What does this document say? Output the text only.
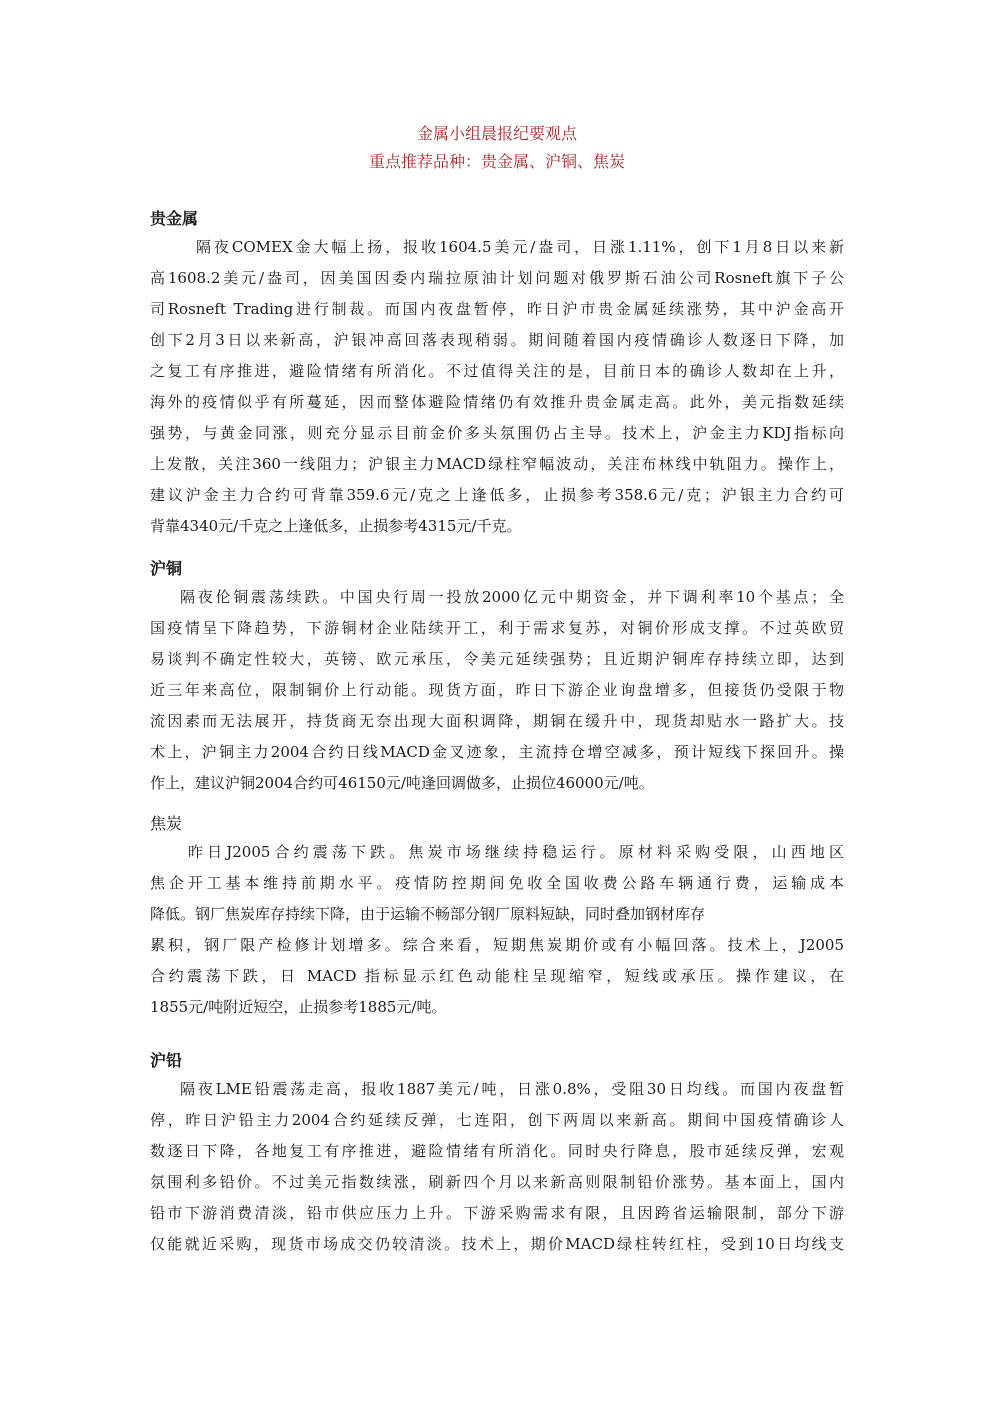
金属小组晨报纪要观点
重点推荐品种：贵金属、沪铜、焦炭
贵金属
隔夜COMEX金大幅上扬，报收1604.5美元/盎司，日涨1.11%，创下1月8日以来新
高1608.2美元/盎司，因美国因委内瑞拉原油计划问题对俄罗斯石油公司Rosneft旗下子公
司Rosneft Trading进行制裁。而国内夜盘暂停，昨日沪市贵金属延续涨势，其中沪金高开
创下2月3日以来新高，沪银冲高回落表现稍弱。期间随着国内疫情确诊人数逐日下降，加
之复工有序推进，避险情绪有所消化。不过值得关注的是，目前日本的确诊人数却在上升，
海外的疫情似乎有所蔓延，因而整体避险情绪仍有效推升贵金属走高。此外，美元指数延续
强势，与黄金同涨，则充分显示目前金价多头氛围仍占主导。技术上，沪金主力KDJ指标向
上发散，关注360一线阻力；沪银主力MACD绿柱窄幅波动，关注布林线中轨阻力。操作上，
建议沪金主力合约可背靠359.6元/克之上逢低多，止损参考358.6元/克；沪银主力合约可
背靠4340元/千克之上逢低多，止损参考4315元/千克。
沪铜
隔夜伦铜震荡续跌。中国央行周一投放2000亿元中期资金，并下调利率10个基点；全
国疫情呈下降趋势，下游铜材企业陆续开工，利于需求复苏，对铜价形成支撑。不过英欧贸
易谈判不确定性较大，英镑、欧元承压，令美元延续强势；且近期沪铜库存持续立即，达到
近三年来高位，限制铜价上行动能。现货方面，昨日下游企业询盘增多，但接货仍受限于物
流因素而无法展开，持货商无奈出现大面积调降，期铜在缓升中，现货却贴水一路扩大。技
术上，沪铜主力2004合约日线MACD金叉迹象，主流持仓增空减多，预计短线下探回升。操
作上，建议沪铜2004合约可46150元/吨逢回调做多，止损位46000元/吨。
焦炭
昨日J2005合约震荡下跌。焦炭市场继续持稳运行。原材料采购受限，山西地区
焦企开工基本维持前期水平。疫情防控期间免收全国收费公路车辆通行费，运输成本
降低。钢厂焦炭库存持续下降，由于运输不畅部分钢厂原料短缺，同时叠加钢材库存
累积，钢厂限产检修计划增多。综合来看，短期焦炭期价或有小幅回落。技术上，J2005
合约震荡下跌，日 MACD 指标显示红色动能柱呈现缩窄，短线或承压。操作建议，在
1855元/吨附近短空，止损参考1885元/吨。
沪铅
隔夜LME铅震荡走高，报收1887美元/吨，日涨0.8%，受阻30日均线。而国内夜盘暂
停，昨日沪铅主力2004合约延续反弹，七连阳，创下两周以来新高。期间中国疫情确诊人
数逐日下降，各地复工有序推进，避险情绪有所消化。同时央行降息，股市延续反弹，宏观
氛围利多铅价。不过美元指数续涨，刷新四个月以来新高则限制铅价涨势。基本面上，国内
铅市下游消费清淡，铅市供应压力上升。下游采购需求有限，且因跨省运输限制，部分下游
仅能就近采购，现货市场成交仍较清淡。技术上，期价MACD绿柱转红柱，受到10日均线支
